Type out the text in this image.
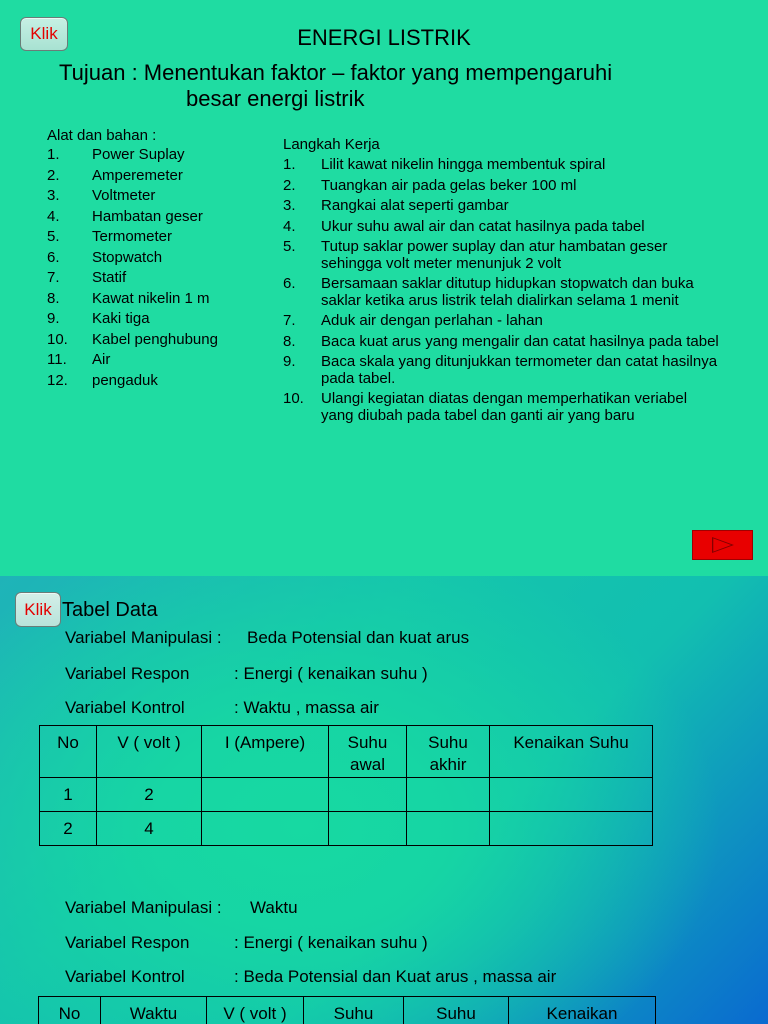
Klik	ENERGI LISTRIK
Tujuan : Menentukan faktor – faktor yang mempengaruhi
besar energi listrik
Alat dan bahan :
1. Power Suplay
2. Amperemeter
3. Voltmeter
4. Hambatan geser
5. Termometer
6. Stopwatch
7. Statif
8. Kawat nikelin 1 m
9. Kaki tiga
10. Kabel penghubung
11. Air
12. pengaduk
Langkah Kerja
1.	Lilit kawat nikelin hingga membentuk spiral
2.	Tuangkan air pada gelas beker 100 ml
3.	Rangkai alat seperti gambar
4.	Ukur suhu awal air dan catat hasilnya pada tabel
5.	Tutup saklar power suplay dan atur hambatan geser sehingga volt meter menunjuk 2 volt
6.	Bersamaan saklar ditutup hidupkan stopwatch dan buka saklar ketika arus listrik telah dialirkan selama 1 menit
7.	Aduk air dengan perlahan - lahan
8.	Baca kuat arus yang mengalir dan catat hasilnya pada tabel
9.	Baca skala yang ditunjukkan termometer dan catat hasilnya pada tabel.
10.	Ulangi kegiatan diatas dengan memperhatikan veriabel yang diubah pada tabel dan ganti air yang baru
Klik Tabel Data
Variabel Manipulasi : Beda Potensial dan kuat arus
Variabel Respon	: Energi ( kenaikan suhu )
Variabel Kontrol	: Waktu , massa air
No	V ( volt )	I (Ampere)	Suhu awal	Suhu akhir	Kenaikan Suhu
1	2				
2	4				
Variabel Manipulasi : Waktu
Variabel Respon	: Energi ( kenaikan suhu )
Variabel Kontrol	: Beda Potensial dan Kuat arus , massa air
No	Waktu	V ( volt )	Suhu	Suhu	Kenaikan
